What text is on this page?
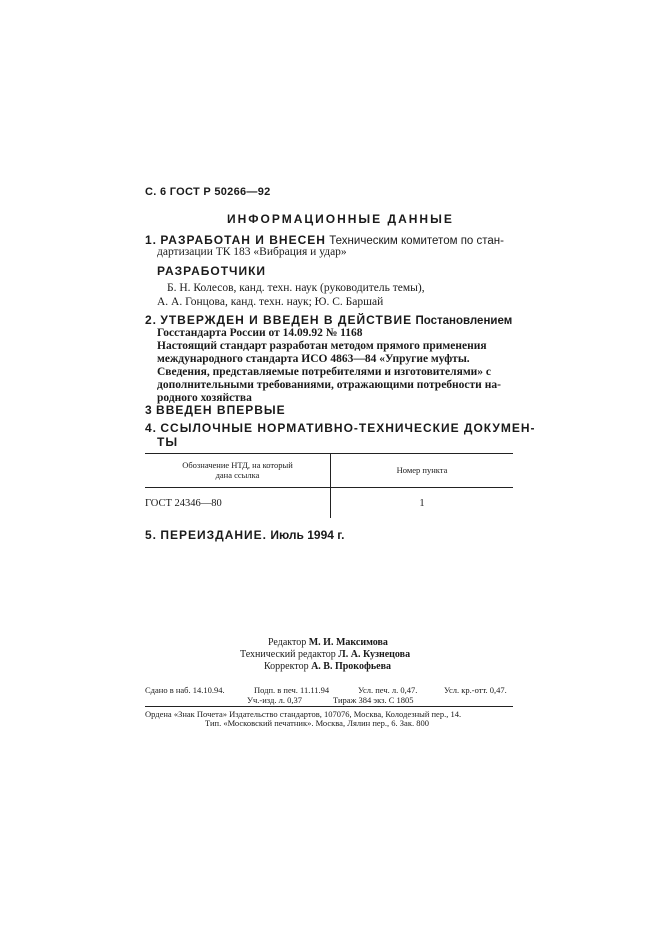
С. 6 ГОСТ Р 50266—92
ИНФОРМАЦИОННЫЕ ДАННЫЕ
1. РАЗРАБОТАН И ВНЕСЕН Техническим комитетом по стан-
дартизации ТК 183 «Вибрация и удар»
РАЗРАБОТЧИКИ
Б. Н. Колесов, канд. техн. наук (руководитель темы),
А. А. Гонцова, канд. техн. наук; Ю. С. Баршай
2. УТВЕРЖДЕН И ВВЕДЕН В ДЕЙСТВИЕ Постановлением
Госстандарта России от 14.09.92 № 1168
Настоящий стандарт разработан методом прямого применения
международного стандарта ИСО 4863—84 «Упругие муфты.
Сведения, представляемые потребителями и изготовителями» с
дополнительными требованиями, отражающими потребности на-
родного хозяйства
3 ВВЕДЕН ВПЕРВЫЕ
4. ССЫЛОЧНЫЕ НОРМАТИВНО-ТЕХНИЧЕСКИЕ ДОКУМЕН-
ТЫ
Обозначение НТД, на который
дана ссылка	Номер пункта
ГОСТ 24346—80	1
5. ПЕРЕИЗДАНИЕ. Июль 1994 г.
Редактор М. И. Максимова
Технический редактор Л. А. Кузнецова
Корректор А. В. Прокофьева
Сдано в наб. 14.10.94.	Подп. в печ. 11.11.94	Усл. печ. л. 0,47.	Усл. кр.-отт. 0,47.
Уч.-изд. л. 0,37	Тираж 384 экз. С 1805
Ордена «Знак Почета» Издательство стандартов, 107076, Москва, Колодезный пер., 14.
Тип. «Московский печатник». Москва, Лялин пер., 6. Зак. 800
